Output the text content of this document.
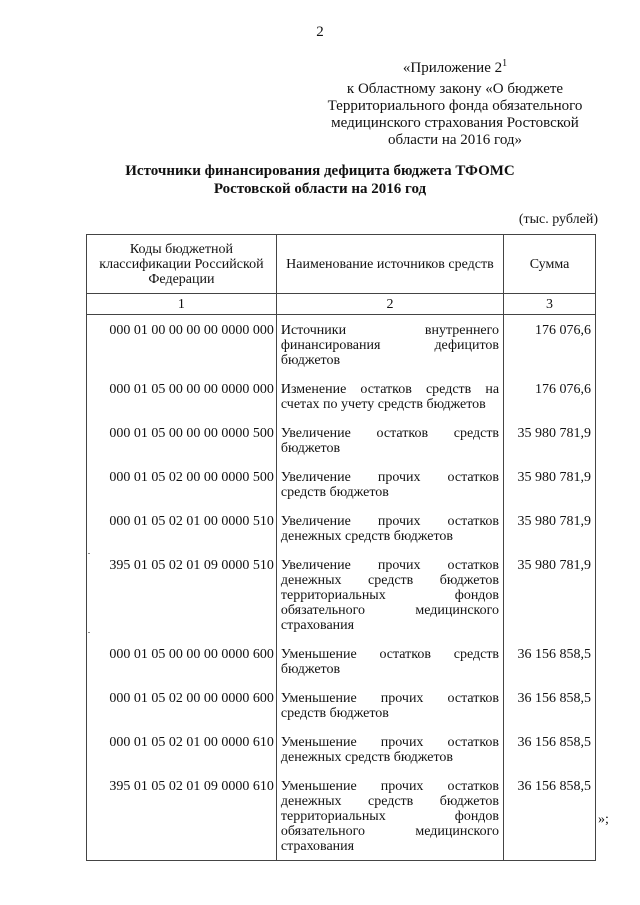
2
«Приложение $2^1$
к Областному закону «О бюджете
Территориального фонда обязательного
медицинского страхования Ростовской
области на 2016 год»
Источники финансирования дефицита бюджета ТФОМС
Ростовской области на 2016 год
(тыс. рублей)
Коды бюджетной классификации Российской Федерации	Наименование источников средств	Сумма
1	2	3
000 01 00 00 00 00 0000 000	Источники внутреннего финансирования дефицитов бюджетов	176 076,6
000 01 05 00 00 00 0000 000	Изменение остатков средств на счетах по учету средств бюджетов	176 076,6
000 01 05 00 00 00 0000 500	Увеличение остатков средств бюджетов	35 980 781,9
000 01 05 02 00 00 0000 500	Увеличение прочих остатков средств бюджетов	35 980 781,9
000 01 05 02 01 00 0000 510	Увеличение прочих остатков денежных средств бюджетов	35 980 781,9
395 01 05 02 01 09 0000 510	Увеличение прочих остатков денежных средств бюджетов территориальных фондов обязательного медицинского страхования	35 980 781,9
000 01 05 00 00 00 0000 600	Уменьшение остатков средств бюджетов	36 156 858,5
000 01 05 02 00 00 0000 600	Уменьшение прочих остатков средств бюджетов	36 156 858,5
000 01 05 02 01 00 0000 610	Уменьшение прочих остатков денежных средств бюджетов	36 156 858,5
395 01 05 02 01 09 0000 610	Уменьшение прочих остатков денежных средств бюджетов территориальных фондов обязательного медицинского страхования	36 156 858,5
»;
